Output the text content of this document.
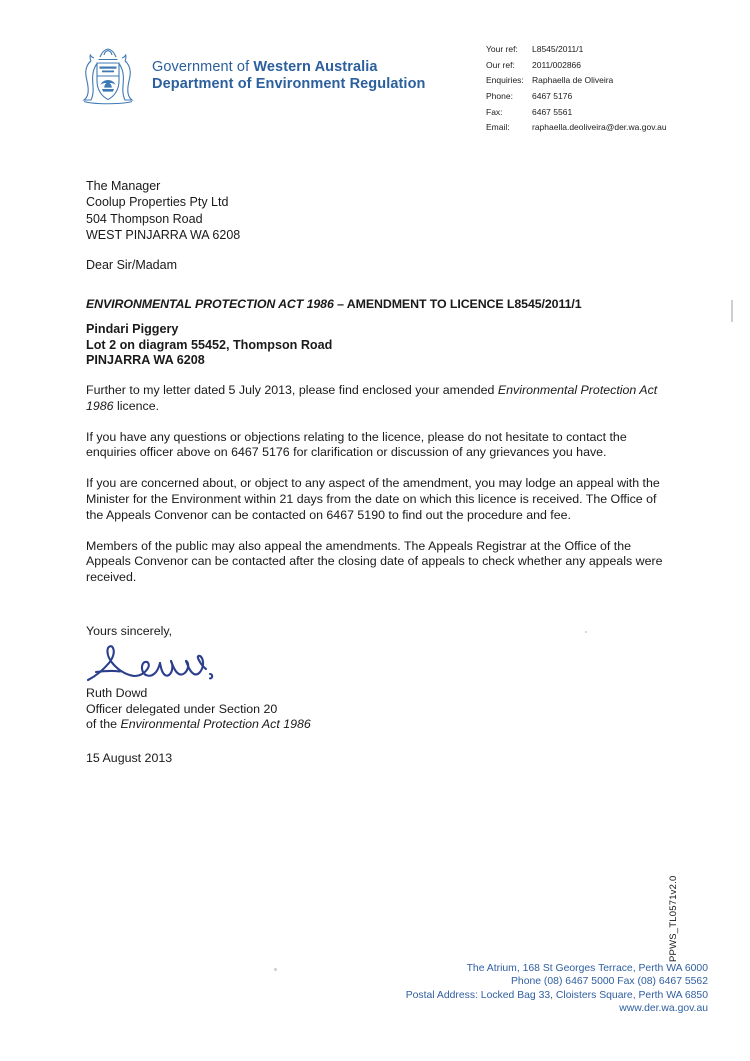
Government of Western Australia
Department of Environment Regulation
Your ref:	L8545/2011/1
Our ref:	2011/002866
Enquiries: Raphaella de Oliveira
Phone:	6467 5176
Fax:	6467 5561
Email:	raphaella.deoliveira@der.wa.gov.au
The Manager
Coolup Properties Pty Ltd
504 Thompson Road
WEST PINJARRA WA 6208
Dear Sir/Madam
ENVIRONMENTAL PROTECTION ACT 1986 – AMENDMENT TO LICENCE L8545/2011/1
Pindari Piggery
Lot 2 on diagram 55452, Thompson Road
PINJARRA WA 6208

Further to my letter dated 5 July 2013, please find enclosed your amended Environmental Protection Act 1986 licence.

If you have any questions or objections relating to the licence, please do not hesitate to contact the enquiries officer above on 6467 5176 for clarification or discussion of any grievances you have.

If you are concerned about, or object to any aspect of the amendment, you may lodge an appeal with the Minister for the Environment within 21 days from the date on which this licence is received. The Office of the Appeals Convenor can be contacted on 6467 5190 to find out the procedure and fee.

Members of the public may also appeal the amendments. The Appeals Registrar at the Office of the Appeals Convenor can be contacted after the closing date of appeals to check whether any appeals were received.

Yours sincerely,
Ruth Dowd
Officer delegated under Section 20
of the Environmental Protection Act 1986
15 August 2013
PPWS_TL0571v2.0
The Atrium, 168 St Georges Terrace, Perth WA 6000
Phone (08) 6467 5000 Fax (08) 6467 5562
Postal Address: Locked Bag 33, Cloisters Square, Perth WA 6850
www.der.wa.gov.au
